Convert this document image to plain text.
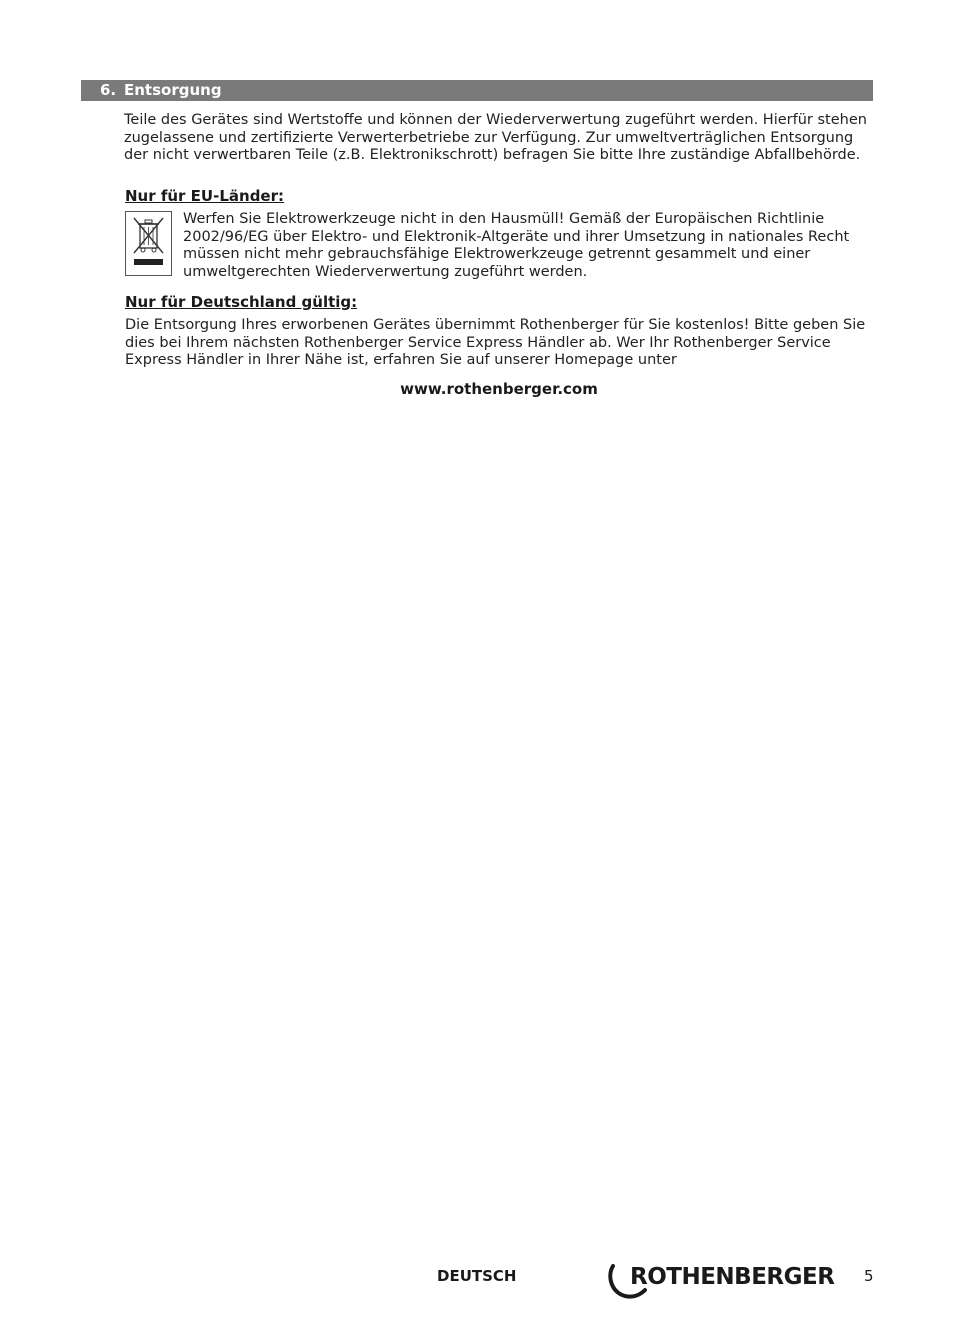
6. Entsorgung
Teile des Gerätes sind Wertstoffe und können der Wiederverwertung zugeführt werden. Hierfür stehen zugelassene und zertifizierte Verwerterbetriebe zur Verfügung. Zur umweltverträglichen Entsorgung der nicht verwertbaren Teile (z.B. Elektronikschrott) befragen Sie bitte Ihre zuständige Abfallbehörde.
Nur für EU-Länder:
Werfen Sie Elektrowerkzeuge nicht in den Hausmüll! Gemäß der Europäischen Richtlinie 2002/96/EG über Elektro- und Elektronik-Altgeräte und ihrer Umsetzung in nationales Recht müssen nicht mehr gebrauchsfähige Elektrowerkzeuge getrennt gesammelt und einer umweltgerechten Wiederverwertung zugeführt werden.
Nur für Deutschland gültig:
Die Entsorgung Ihres erworbenen Gerätes übernimmt Rothenberger für Sie kostenlos! Bitte geben Sie dies bei Ihrem nächsten Rothenberger Service Express Händler ab. Wer Ihr Rothenberger Service Express Händler in Ihrer Nähe ist, erfahren Sie auf unserer Homepage unter
www.rothenberger.com
DEUTSCH	ROTHENBERGER 5
